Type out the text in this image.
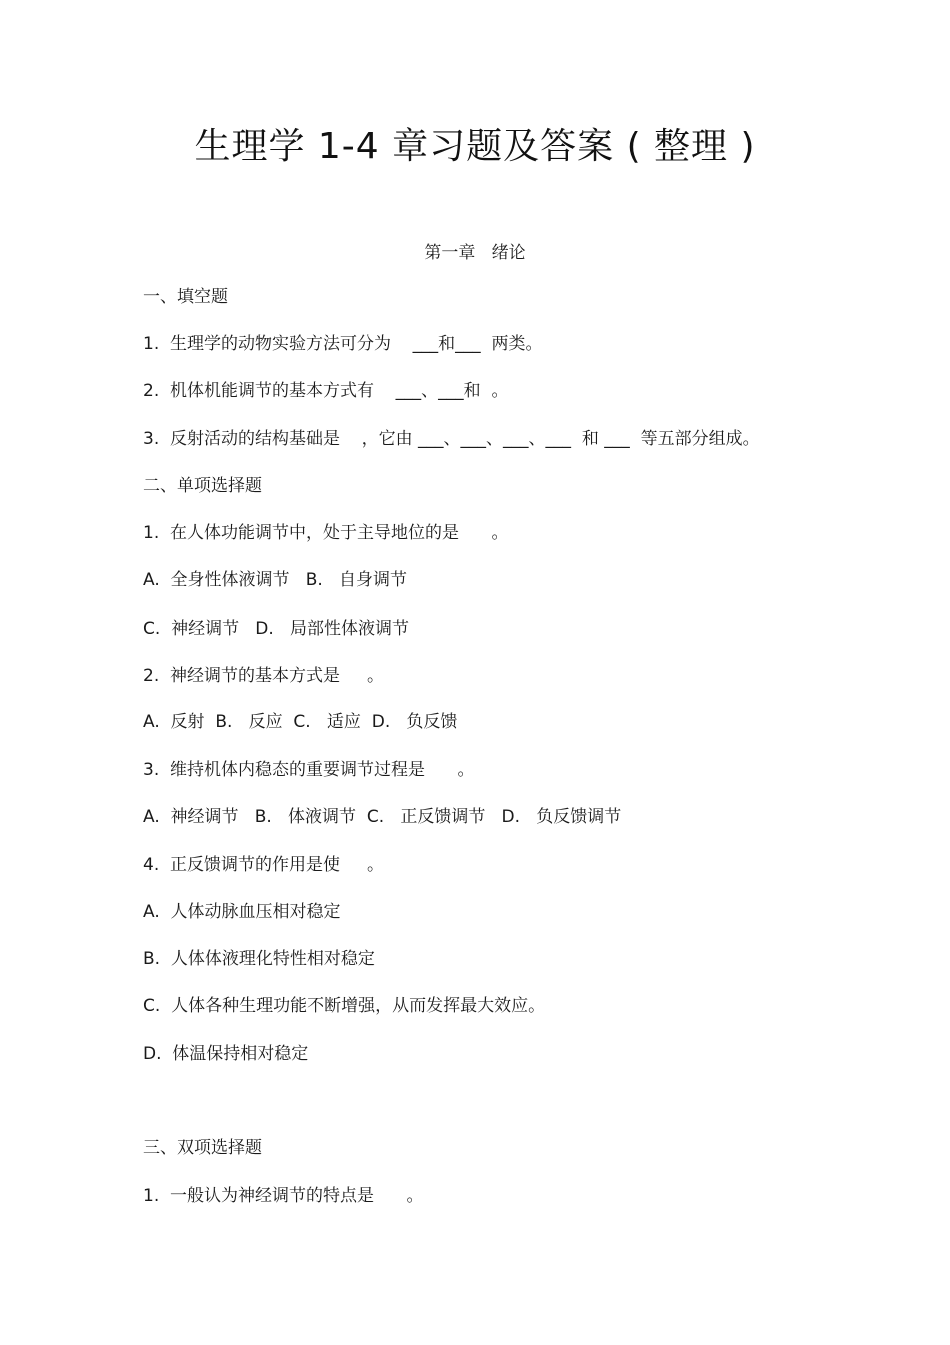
生理学 1-4 章习题及答案 ( 整理 )
第一章   绪论
一、填空题
1.  生理学的动物实验方法可分为    ___和___  两类。
2.  机体机能调节的基本方式有    ___、___和  。
3.  反射活动的结构基础是    ，它由 ___、___、___、___  和 ___  等五部分组成。
二、单项选择题
1.  在人体功能调节中，处于主导地位的是      。
A.  全身性体液调节   B.   自身调节
C.  神经调节   D.   局部性体液调节
2.  神经调节的基本方式是     。
A.  反射  B.   反应  C.   适应  D.   负反馈
3.  维持机体内稳态的重要调节过程是      。
A.  神经调节   B.   体液调节  C.   正反馈调节   D.   负反馈调节
4.  正反馈调节的作用是使     。
A.  人体动脉血压相对稳定
B.  人体体液理化特性相对稳定
C.  人体各种生理功能不断增强，从而发挥最大效应。
D.  体温保持相对稳定
三、双项选择题
1.  一般认为神经调节的特点是      。
